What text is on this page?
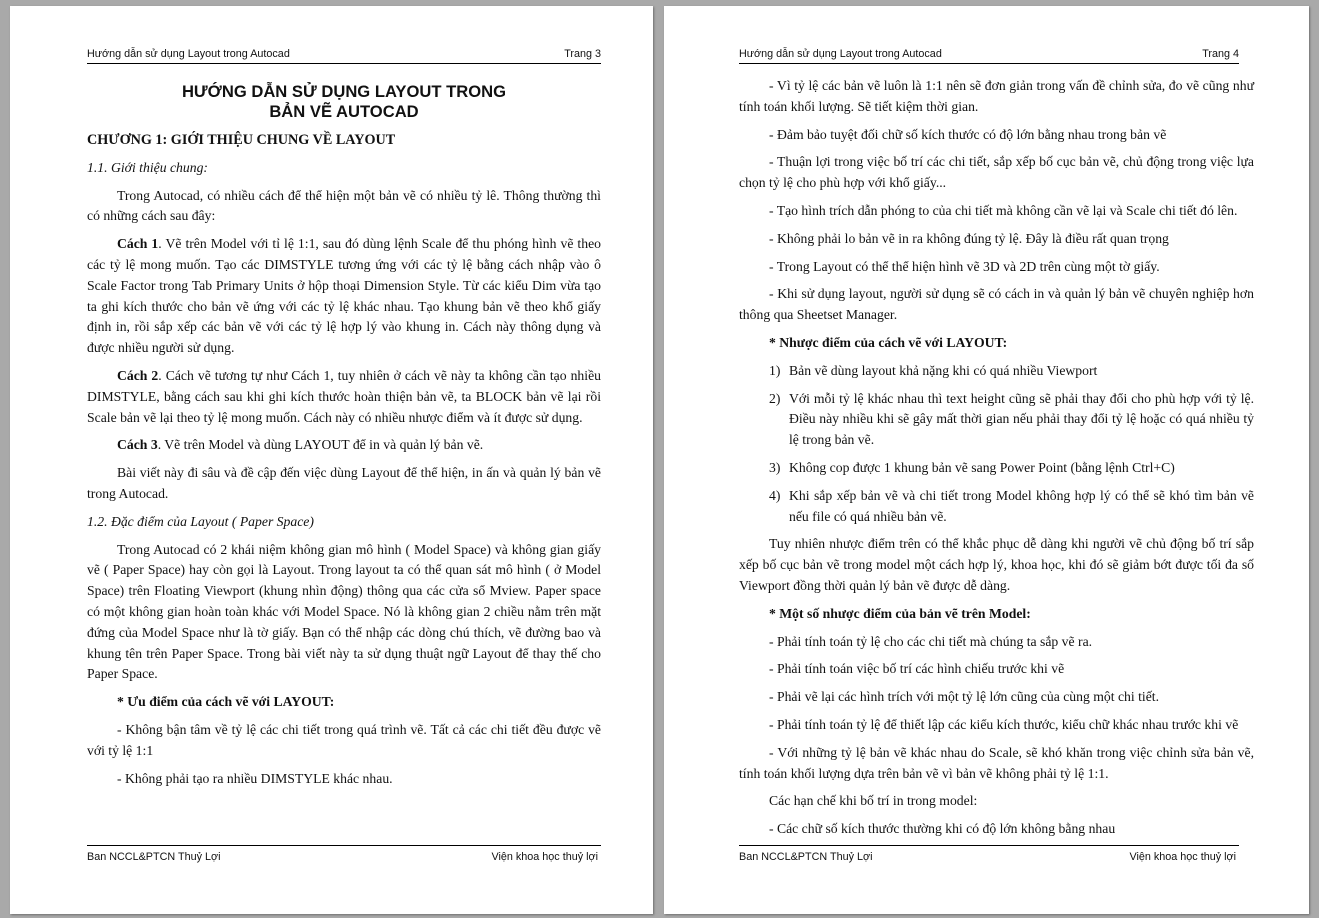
Hướng dẫn sử dụng Layout trong Autocad	Trang 3
HƯỚNG DẪN SỬ DỤNG LAYOUT TRONG
BẢN VẼ AUTOCAD

CHƯƠNG 1: GIỚI THIỆU CHUNG VỀ LAYOUT

1.1. Giới thiệu chung:

Trong Autocad, có nhiều cách để thể hiện một bản vẽ có nhiều tỷ lê. Thông thường thì có những cách sau đây:

Cách 1. Vẽ trên Model với tỉ lệ 1:1, sau đó dùng lệnh Scale để thu phóng hình vẽ theo các tỷ lệ mong muốn. Tạo các DIMSTYLE tương ứng với các tỷ lệ bằng cách nhập vào ô Scale Factor trong Tab Primary Units ở hộp thoại Dimension Style. Từ các kiểu Dim vừa tạo ta ghi kích thước cho bản vẽ ứng với các tỷ lệ khác nhau. Tạo khung bản vẽ theo khổ giấy định in, rồi sắp xếp các bản vẽ với các tỷ lệ hợp lý vào khung in. Cách này thông dụng và được nhiều người sử dụng.

Cách 2. Cách vẽ tương tự như Cách 1, tuy nhiên ở cách vẽ này ta không cần tạo nhiều DIMSTYLE, bằng cách sau khi ghi kích thước hoàn thiện bản vẽ, ta BLOCK bản vẽ lại rồi Scale bản vẽ lại theo tỷ lệ mong muốn. Cách này có nhiều nhược điểm và ít được sử dụng.

Cách 3. Vẽ trên Model và dùng LAYOUT để in và quản lý bản vẽ.

Bài viết này đi sâu và đề cập đến việc dùng Layout để thể hiện, in ấn và quản lý bản vẽ trong Autocad.

1.2. Đặc điểm của Layout ( Paper Space)

Trong Autocad có 2 khái niệm không gian mô hình ( Model Space) và không gian giấy vẽ ( Paper Space) hay còn gọi là Layout. Trong layout ta có thể quan sát mô hình ( ở Model Space) trên Floating Viewport (khung nhìn động) thông qua các cửa sổ Mview. Paper space có một không gian hoàn toàn khác với Model Space. Nó là không gian 2 chiều nằm trên mặt đứng của Model Space như là tờ giấy. Bạn có thể nhập các dòng chú thích, vẽ đường bao và khung tên trên Paper Space. Trong bài viết này ta sử dụng thuật ngữ Layout để thay thế cho Paper Space.

* Ưu điểm của cách vẽ với LAYOUT:

- Không bận tâm về tỷ lệ các chi tiết trong quá trình vẽ. Tất cả các chi tiết đều được vẽ với tỷ lệ 1:1

- Không phải tạo ra nhiều DIMSTYLE khác nhau.

Ban NCCL&PTCN Thuỷ Lợi	Viện khoa học thuỷ lợi
Hướng dẫn sử dụng Layout trong Autocad	Trang 4

- Vì tỷ lệ các bản vẽ luôn là 1:1 nên sẽ đơn giản trong vấn đề chỉnh sửa, đo vẽ cũng như tính toán khối lượng. Sẽ tiết kiệm thời gian.

- Đảm bảo tuyệt đối chữ số kích thước có độ lớn bằng nhau trong bản vẽ

- Thuận lợi trong việc bố trí các chi tiết, sắp xếp bố cục bản vẽ, chủ động trong việc lựa chọn tỷ lệ cho phù hợp với khổ giấy...

- Tạo hình trích dẫn phóng to của chi tiết mà không cần vẽ lại và Scale chi tiết đó lên.

- Không phải lo bản vẽ in ra không đúng tỷ lệ. Đây là điều rất quan trọng

- Trong Layout có thể thể hiện hình vẽ 3D và 2D trên cùng một tờ giấy.

- Khi sử dụng layout, người sử dụng sẽ có cách in và quản lý bản vẽ chuyên nghiệp hơn thông qua Sheetset Manager.

* Nhược điểm của cách vẽ với LAYOUT:

1) Bản vẽ dùng layout khả nặng khi có quá nhiều Viewport
2) Với mỗi tỷ lệ khác nhau thì text height cũng sẽ phải thay đổi cho phù hợp với tỷ lệ. Điều này nhiều khi sẽ gây mất thời gian nếu phải thay đổi tỷ lệ hoặc có quá nhiều tỷ lệ trong bản vẽ.
3) Không cop được 1 khung bản vẽ sang Power Point (bằng lệnh Ctrl+C)
4) Khi sắp xếp bản vẽ và chi tiết trong Model không hợp lý có thể sẽ khó tìm bản vẽ nếu file có quá nhiều bản vẽ.

Tuy nhiên nhược điểm trên có thể khắc phục dễ dàng khi người vẽ chủ động bố trí sắp xếp bố cục bản vẽ trong model một cách hợp lý, khoa học, khi đó sẽ giảm bớt được tối đa số Viewport đồng thời quản lý bản vẽ được dễ dàng.

* Một số nhược điểm của bản vẽ trên Model:

- Phải tính toán tỷ lệ cho các chi tiết mà chúng ta sắp vẽ ra.

- Phải tính toán việc bố trí các hình chiếu trước khi vẽ

- Phải vẽ lại các hình trích với một tỷ lệ lớn cũng của cùng một chi tiết.

- Phải tính toán tỷ lệ để thiết lập các kiểu kích thước, kiểu chữ khác nhau trước khi vẽ

- Với những tỷ lệ bản vẽ khác nhau do Scale, sẽ khó khăn trong việc chỉnh sửa bản vẽ, tính toán khối lượng dựa trên bản vẽ vì bản vẽ không phải tỷ lệ 1:1.

Các hạn chế khi bố trí in trong model:

- Các chữ số kích thước thường khi có độ lớn không bằng nhau

Ban NCCL&PTCN Thuỷ Lợi	Viện khoa học thuỷ lợi
